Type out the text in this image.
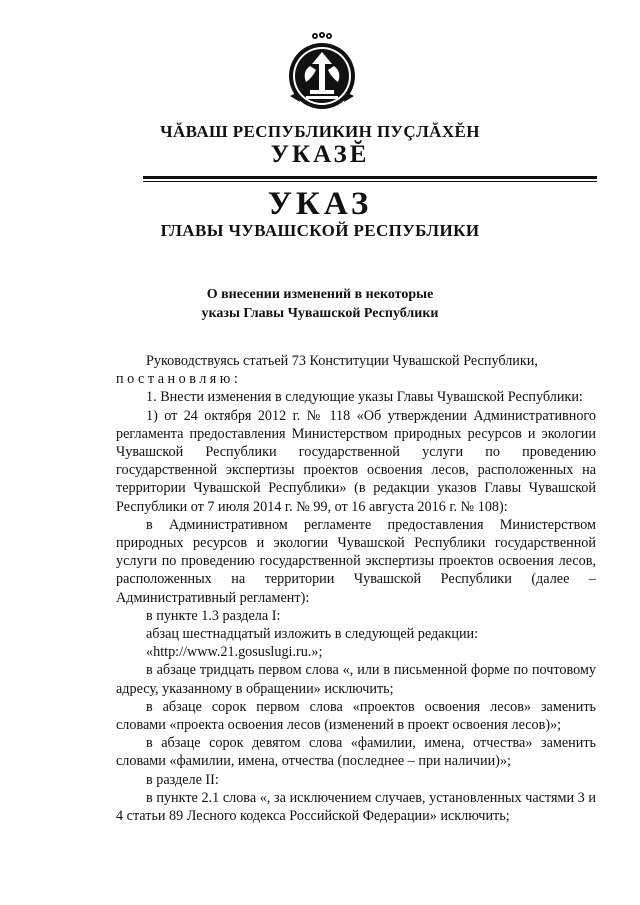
ЧĂВАШ РЕСПУБЛИКИН ПУÇЛĂХĔН
УКАЗĔ
УКАЗ
ГЛАВЫ ЧУВАШСКОЙ РЕСПУБЛИКИ
О внесении изменений в некоторые
указы Главы Чувашской Республики
Руководствуясь статьей 73 Конституции Чувашской Республики,
постановляю:
1. Внести изменения в следующие указы Главы Чувашской Республики:
1) от 24 октября 2012 г. № 118 «Об утверждении Административного регламента предоставления Министерством природных ресурсов и экологии Чувашской Республики государственной услуги по проведению государственной экспертизы проектов освоения лесов, расположенных на территории Чувашской Республики» (в редакции указов Главы Чувашской Республики от 7 июля 2014 г. № 99, от 16 августа 2016 г. № 108):
в Административном регламенте предоставления Министерством природных ресурсов и экологии Чувашской Республики государственной услуги по проведению государственной экспертизы проектов освоения лесов, расположенных на территории Чувашской Республики (далее – Административный регламент):
в пункте 1.3 раздела I:
абзац шестнадцатый изложить в следующей редакции:
«http://www.21.gosuslugi.ru.»;
в абзаце тридцать первом слова «, или в письменной форме по почтовому адресу, указанному в обращении» исключить;
в абзаце сорок первом слова «проектов освоения лесов» заменить словами «проекта освоения лесов (изменений в проект освоения лесов)»;
в абзаце сорок девятом слова «фамилии, имена, отчества» заменить словами «фамилии, имена, отчества (последнее – при наличии)»;
в разделе II:
в пункте 2.1 слова «, за исключением случаев, установленных частями 3 и 4 статьи 89 Лесного кодекса Российской Федерации» исключить;
